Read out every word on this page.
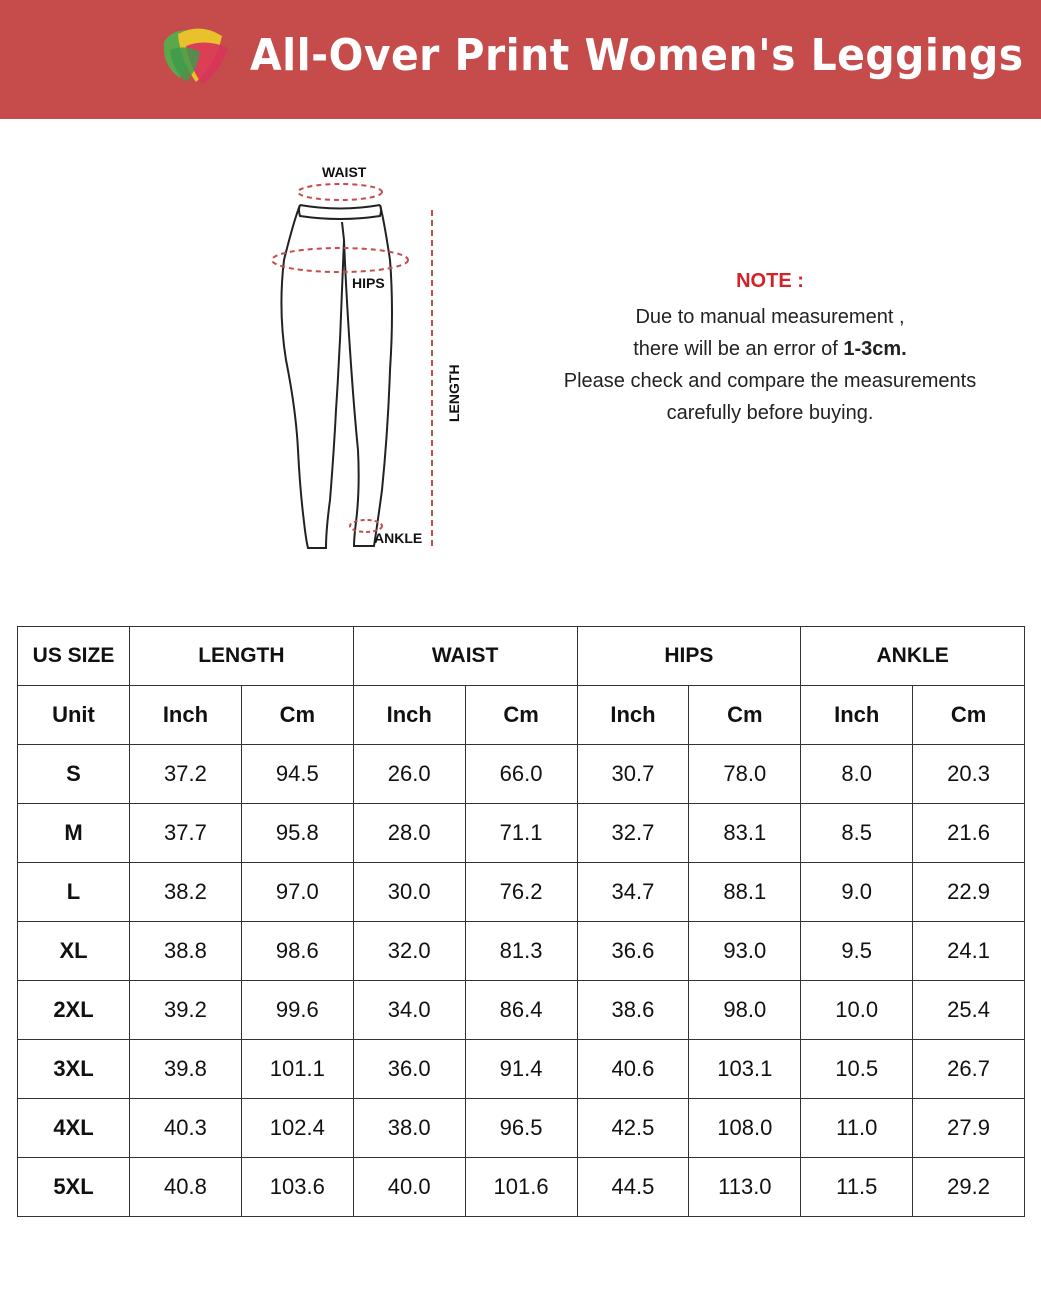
All-Over Print Women's Leggings
WAIST
HIPS
ANKLE
LENGTH
NOTE :
Due to manual measurement ,
there will be an error of 1-3cm.
Please check and compare the measurements
carefully before buying.
US SIZE	LENGTH		WAIST		HIPS		ANKLE	
Unit	Inch	Cm	Inch	Cm	Inch	Cm	Inch	Cm
S	37.2	94.5	26.0	66.0	30.7	78.0	8.0	20.3
M	37.7	95.8	28.0	71.1	32.7	83.1	8.5	21.6
L	38.2	97.0	30.0	76.2	34.7	88.1	9.0	22.9
XL	38.8	98.6	32.0	81.3	36.6	93.0	9.5	24.1
2XL	39.2	99.6	34.0	86.4	38.6	98.0	10.0	25.4
3XL	39.8	101.1	36.0	91.4	40.6	103.1	10.5	26.7
4XL	40.3	102.4	38.0	96.5	42.5	108.0	11.0	27.9
5XL	40.8	103.6	40.0	101.6	44.5	113.0	11.5	29.2
